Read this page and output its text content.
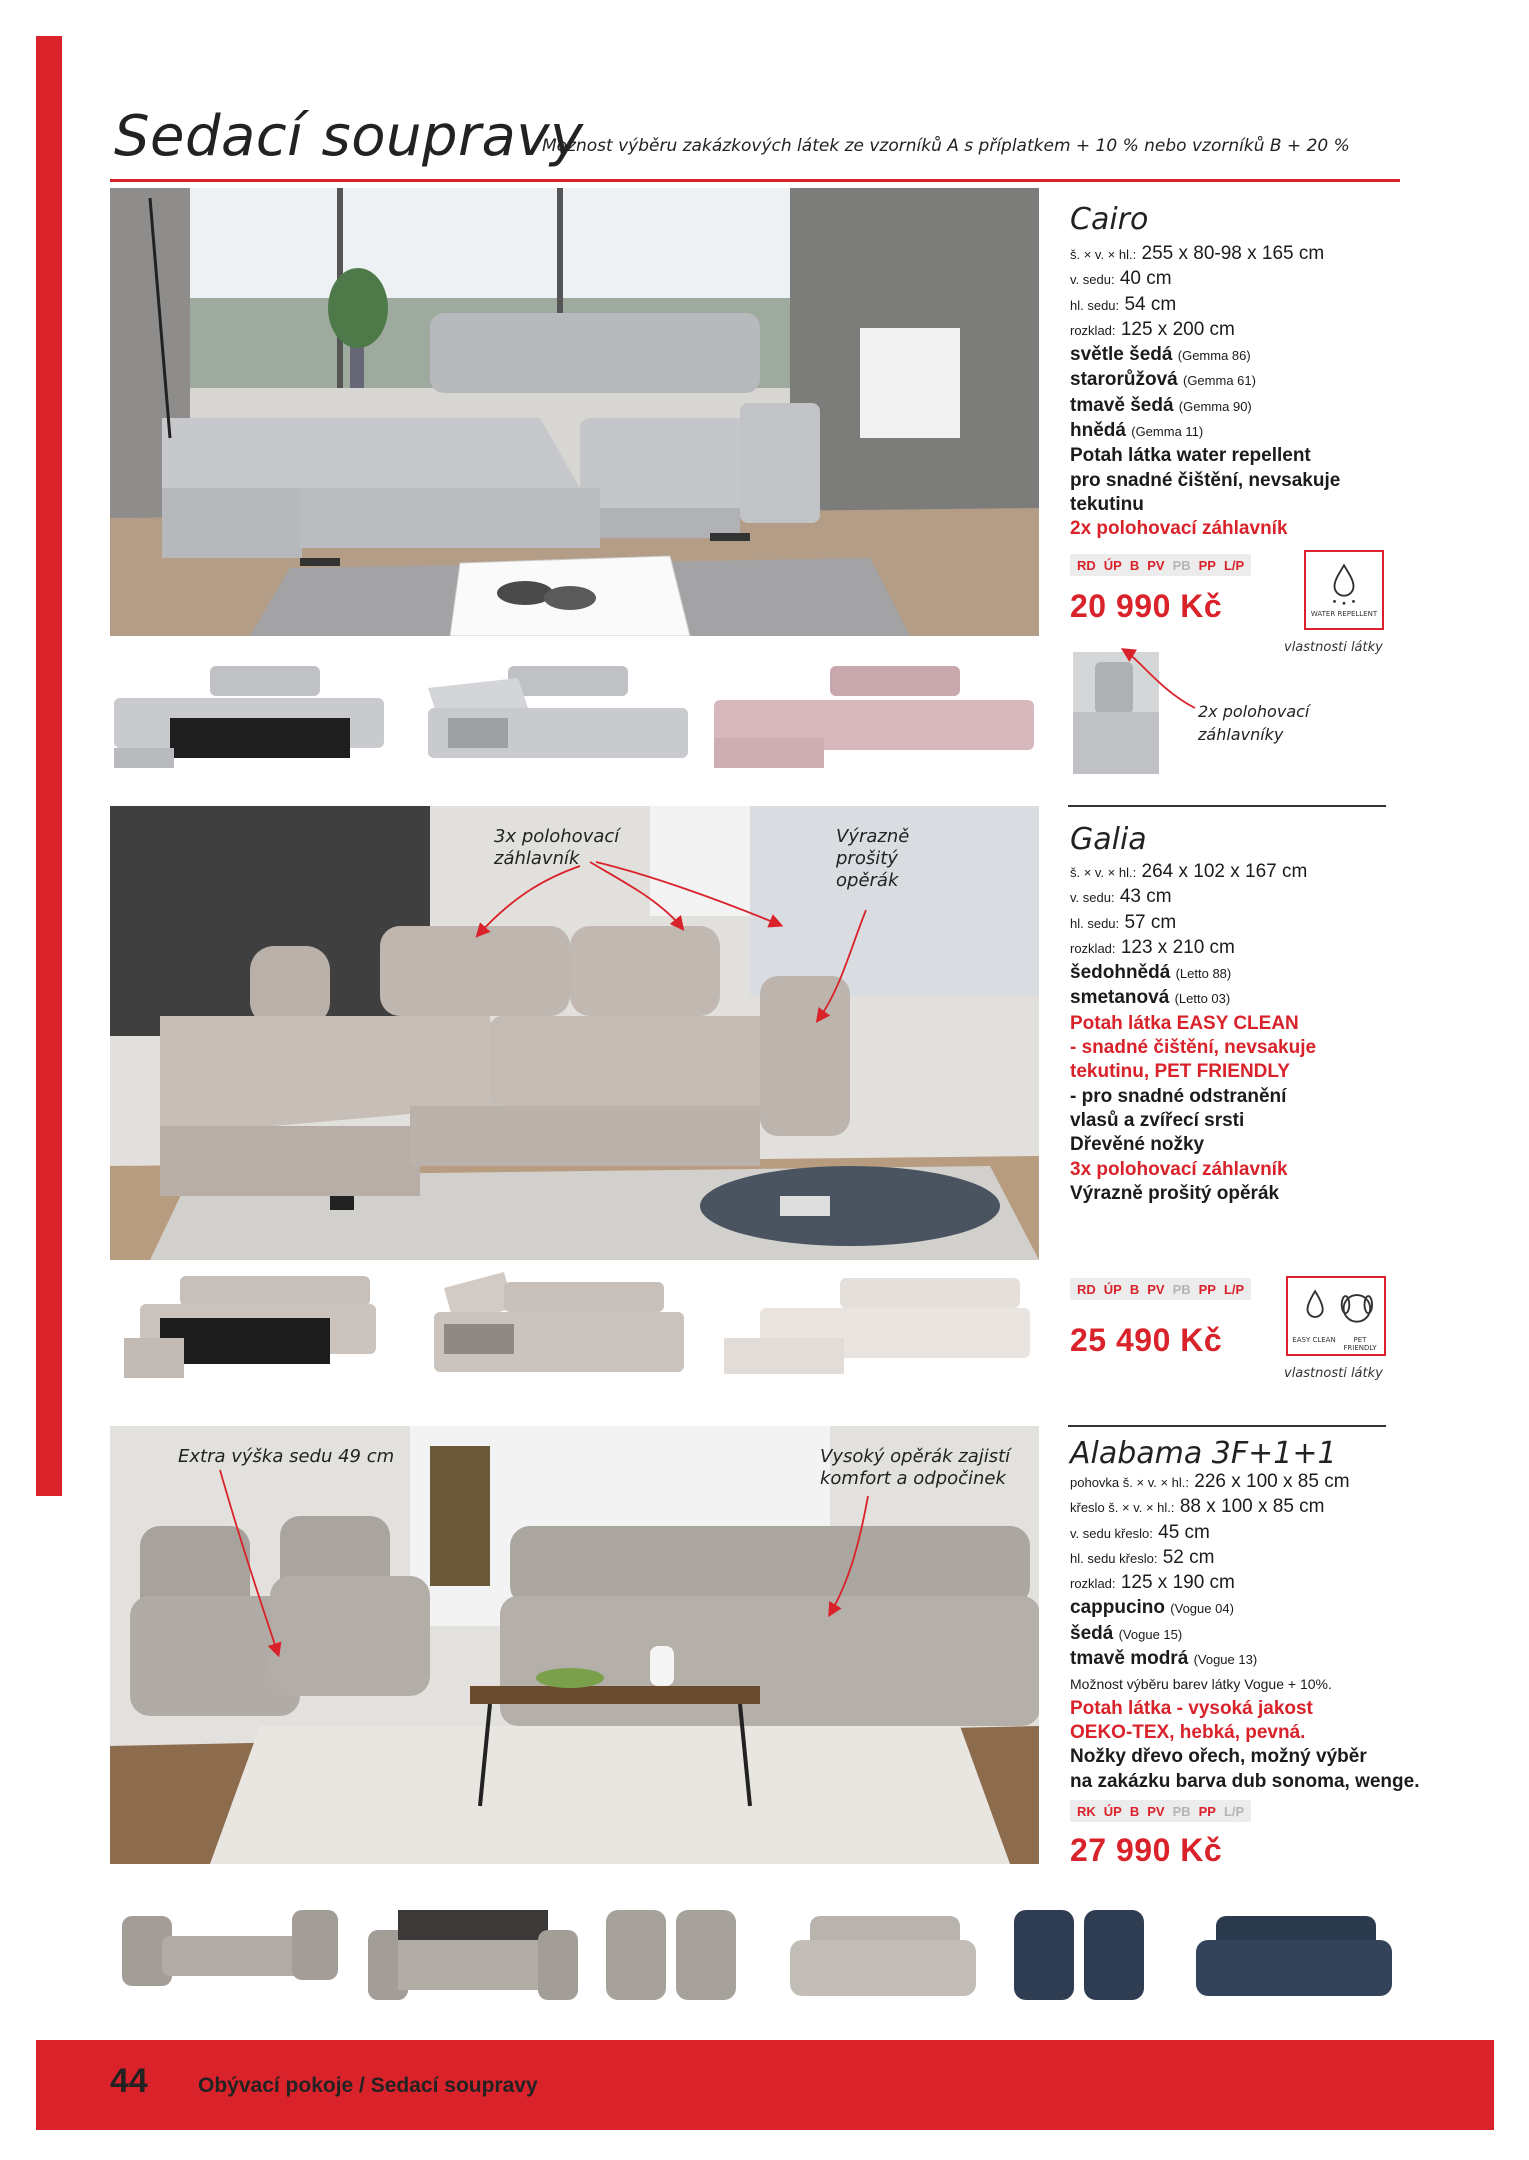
Sedací soupravy
Možnost výběru zakázkových látek ze vzorníků A s příplatkem + 10 % nebo vzorníků B + 20 %
Cairo
š. × v. × hl.: 255 x 80-98 x 165 cm
v. sedu: 40 cm
hl. sedu: 54 cm
rozklad: 125 x 200 cm
světle šedá (Gemma 86)
starorůžová (Gemma 61)
tmavě šedá (Gemma 90)
hnědá (Gemma 11)
Potah látka water repellent
pro snadné čištění, nevsakuje
tekutinu
2x polohovací záhlavník
RD ÚP B PV PB PP L/P
20 990 Kč	WATER REPELLENT
vlastnosti látky
2x polohovací záhlavníky
3x polohovací záhlavník
Výrazně prošitý opěrák
Galia
š. × v. × hl.: 264 x 102 x 167 cm
v. sedu: 43 cm
hl. sedu: 57 cm
rozklad: 123 x 210 cm
šedohnědá (Letto 88)
smetanová (Letto 03)
Potah látka EASY CLEAN
- snadné čištění, nevsakuje
tekutinu, PET FRIENDLY
- pro snadné odstranění
vlasů a zvířecí srsti
Dřevěné nožky
3x polohovací záhlavník
Výrazně prošitý opěrák
RD ÚP B PV PB PP L/P
25 490 Kč	EASY CLEAN	PET FRIENDLY
vlastnosti látky
Extra výška sedu 49 cm	Vysoký opěrák zajistí komfort a odpočinek
Alabama 3F+1+1
pohovka š. × v. × hl.: 226 x 100 x 85 cm
křeslo š. × v. × hl.: 88 x 100 x 85 cm
v. sedu křeslo: 45 cm
hl. sedu křeslo: 52 cm
rozklad: 125 x 190 cm
cappucino (Vogue 04)
šedá (Vogue 15)
tmavě modrá (Vogue 13)
Možnost výběru barev látky Vogue + 10%.
Potah látka - vysoká jakost
OEKO-TEX, hebká, pevná.
Nožky dřevo ořech, možný výběr
na zakázku barva dub sonoma, wenge.
RK ÚP B PV PB PP L/P
27 990 Kč
44 Obývací pokoje / Sedací soupravy
